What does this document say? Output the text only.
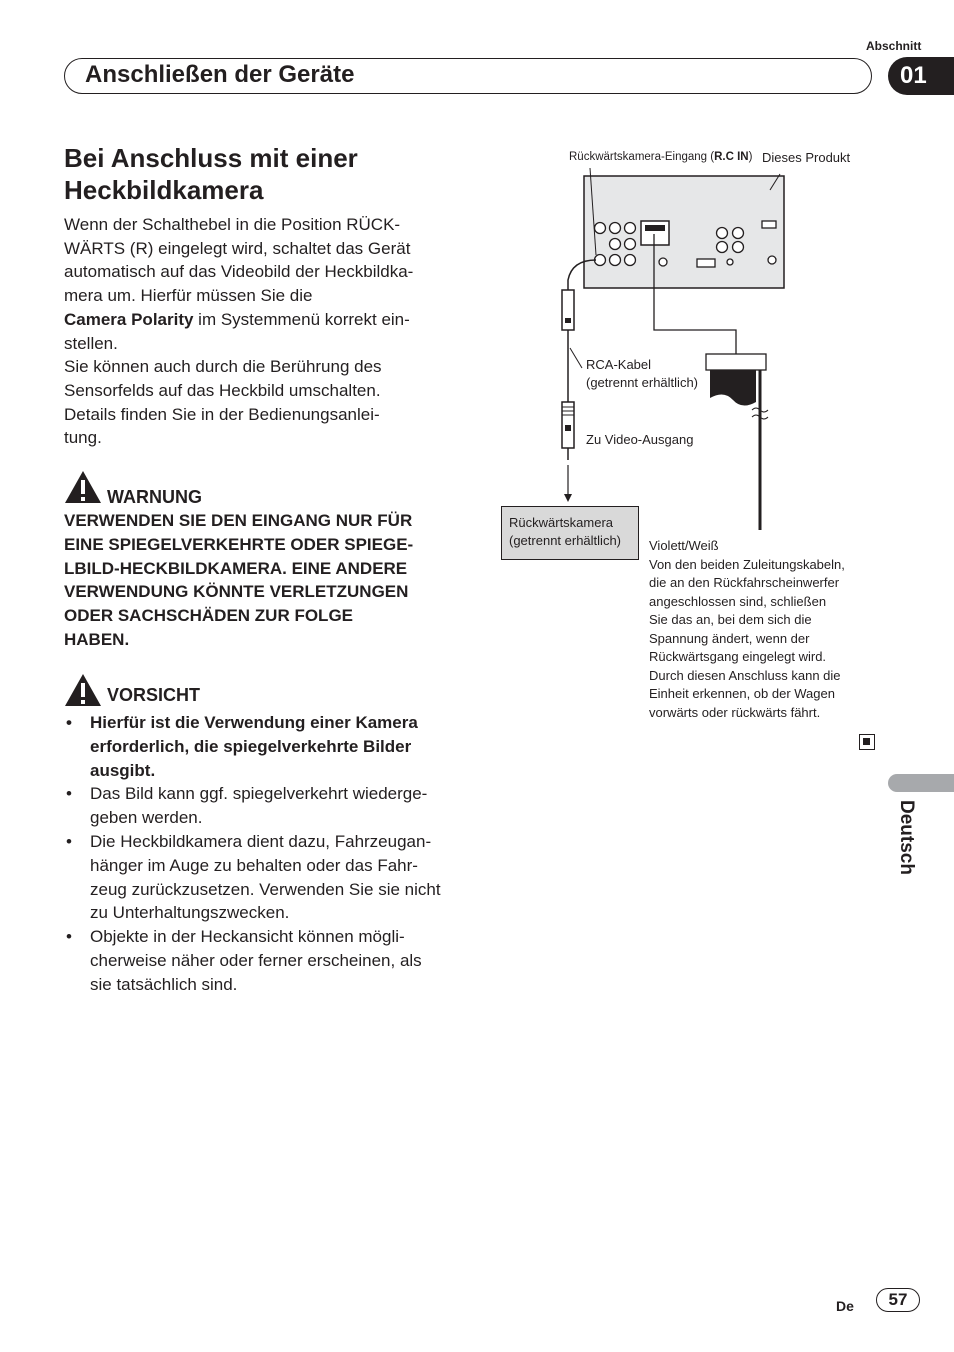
Abschnitt
Anschließen der Geräte	01
Bei Anschluss mit einer
Heckbildkamera
Wenn der Schalthebel in die Position RÜCK-
WÄRTS (R) eingelegt wird, schaltet das Gerät
automatisch auf das Videobild der Heckbildka-
mera um. Hierfür müssen Sie die
Camera Polarity im Systemmenü korrekt ein-
stellen.
Sie können auch durch die Berührung des
Sensorfelds auf das Heckbild umschalten.
Details finden Sie in der Bedienungsanlei-
tung.
WARNUNG
VERWENDEN SIE DEN EINGANG NUR FÜR
EINE SPIEGELVERKEHRTE ODER SPIEGE-
LBILD-HECKBILDKAMERA. EINE ANDERE
VERWENDUNG KÖNNTE VERLETZUNGEN
ODER SACHSCHÄDEN ZUR FOLGE
HABEN.
VORSICHT
• Hierfür ist die Verwendung einer Kamera
erforderlich, die spiegelverkehrte Bilder
ausgibt.
• Das Bild kann ggf. spiegelverkehrt wiederge-
geben werden.
• Die Heckbildkamera dient dazu, Fahrzeugan-
hänger im Auge zu behalten oder das Fahr-
zeug zurückzusetzen. Verwenden Sie sie nicht
zu Unterhaltungszwecken.
• Objekte in der Heckansicht können mögli-
cherweise näher oder ferner erscheinen, als
sie tatsächlich sind.
Rückwärtskamera-Eingang (R.C IN) Dieses Produkt
RCA-Kabel
(getrennt erhältlich)
Zu Video-Ausgang
Rückwärtskamera
(getrennt erhältlich)	Violett/Weiß
Von den beiden Zuleitungskabeln,
die an den Rückfahrscheinwerfer
angeschlossen sind, schließen
Sie das an, bei dem sich die
Spannung ändert, wenn der
Rückwärtsgang eingelegt wird.
Durch diesen Anschluss kann die
Einheit erkennen, ob der Wagen
vorwärts oder rückwärts fährt.
Deutsch
De	57
